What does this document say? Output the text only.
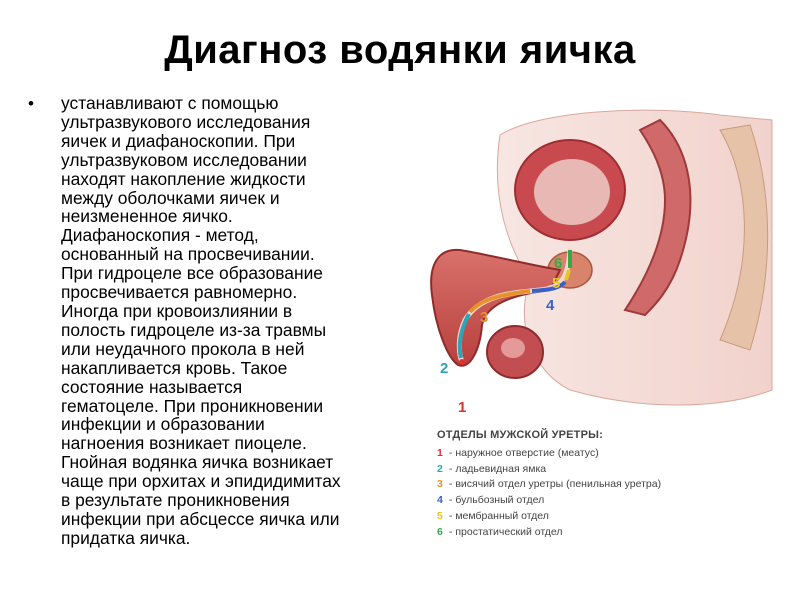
Диагноз водянки яичка
• устанавливают с помощью
ультразвукового исследования
яичек и диафаноскопии. При
ультразвуковом исследовании
находят накопление жидкости
между оболочками яичек и
неизмененное яичко.
Диафаноскопия - метод,
основанный на просвечивании.
При гидроцеле все образование
просвечивается равномерно.
Иногда при кровоизлиянии в
полость гидроцеле из-за травмы
или неудачного прокола в ней
накапливается кровь. Такое
состояние называется
гематоцеле. При проникновении
инфекции и образовании
нагноения возникает пиоцеле.
Гнойная водянка яичка возникает
чаще при орхитах и эпидидимитах
в результате проникновения
инфекции при абсцессе яичка или
придатка яичка.
1
2
3
4
5
6
ОТДЕЛЫ МУЖСКОЙ УРЕТРЫ:
1 - наружное отверстие (меатус)
2 - ладьевидная ямка
3 - висячий отдел уретры (пенильная уретра)
4 - бульбозный отдел
5 - мембранный отдел
6 - простатический отдел
